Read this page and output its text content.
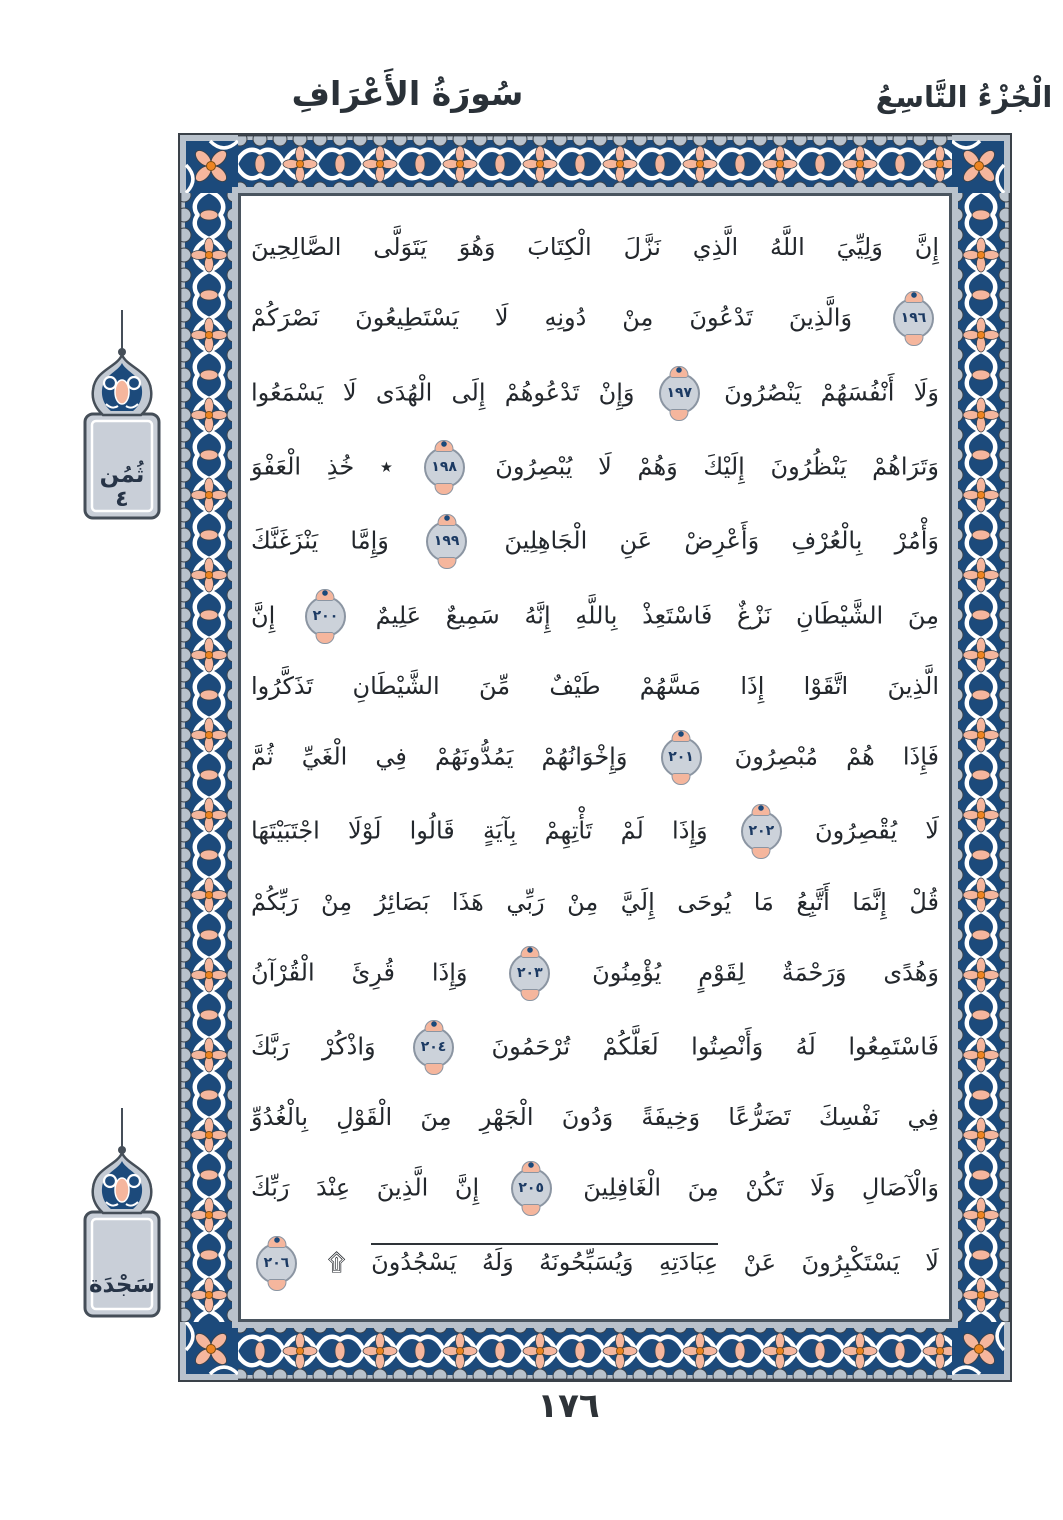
سُورَةُ الأَعْرَافِ	الْجُزْءُ التَّاسِعُ
إِنَّ وَلِيِّيَ اللَّهُ الَّذِي نَزَّلَ الْكِتَابَ وَهُوَ يَتَوَلَّى الصَّالِحِينَ
١٩٦ وَالَّذِينَ تَدْعُونَ مِنْ دُونِهِ لَا يَسْتَطِيعُونَ نَصْرَكُمْ
وَلَا أَنْفُسَهُمْ يَنْصُرُونَ ١٩٧ وَإِنْ تَدْعُوهُمْ إِلَى الْهُدَى لَا يَسْمَعُوا
وَتَرَاهُمْ يَنْظُرُونَ إِلَيْكَ وَهُمْ لَا يُبْصِرُونَ ١٩٨ ٭ خُذِ الْعَفْوَ
وَأْمُرْ بِالْعُرْفِ وَأَعْرِضْ عَنِ الْجَاهِلِينَ ١٩٩ وَإِمَّا يَنْزَغَنَّكَ
مِنَ الشَّيْطَانِ نَزْغٌ فَاسْتَعِذْ بِاللَّهِ إِنَّهُ سَمِيعٌ عَلِيمٌ ٢٠٠ إِنَّ
الَّذِينَ اتَّقَوْا إِذَا مَسَّهُمْ طَيْفٌ مِّنَ الشَّيْطَانِ تَذَكَّرُوا
فَإِذَا هُمْ مُبْصِرُونَ ٢٠١ وَإِخْوَانُهُمْ يَمُدُّونَهُمْ فِي الْغَيِّ ثُمَّ
لَا يُقْصِرُونَ ٢٠٢ وَإِذَا لَمْ تَأْتِهِمْ بِآيَةٍ قَالُوا لَوْلَا اجْتَبَيْتَهَا
قُلْ إِنَّمَا أَتَّبِعُ مَا يُوحَى إِلَيَّ مِنْ رَبِّي هَذَا بَصَائِرُ مِنْ رَبِّكُمْ
وَهُدًى وَرَحْمَةٌ لِقَوْمٍ يُؤْمِنُونَ ٢٠٣ وَإِذَا قُرِئَ الْقُرْآنُ
فَاسْتَمِعُوا لَهُ وَأَنْصِتُوا لَعَلَّكُمْ تُرْحَمُونَ ٢٠٤ وَاذْكُرْ رَبَّكَ
فِي نَفْسِكَ تَضَرُّعًا وَخِيفَةً وَدُونَ الْجَهْرِ مِنَ الْقَوْلِ بِالْغُدُوِّ
وَالْآصَالِ وَلَا تَكُنْ مِنَ الْغَافِلِينَ ٢٠٥ إِنَّ الَّذِينَ عِنْدَ رَبِّكَ
لَا يَسْتَكْبِرُونَ عَنْ عِبَادَتِهِ وَيُسَبِّحُونَهُ وَلَهُ يَسْجُدُونَ ۩ ٢٠٦
ثُمُن
٤
سَجْدَة
١٧٦
